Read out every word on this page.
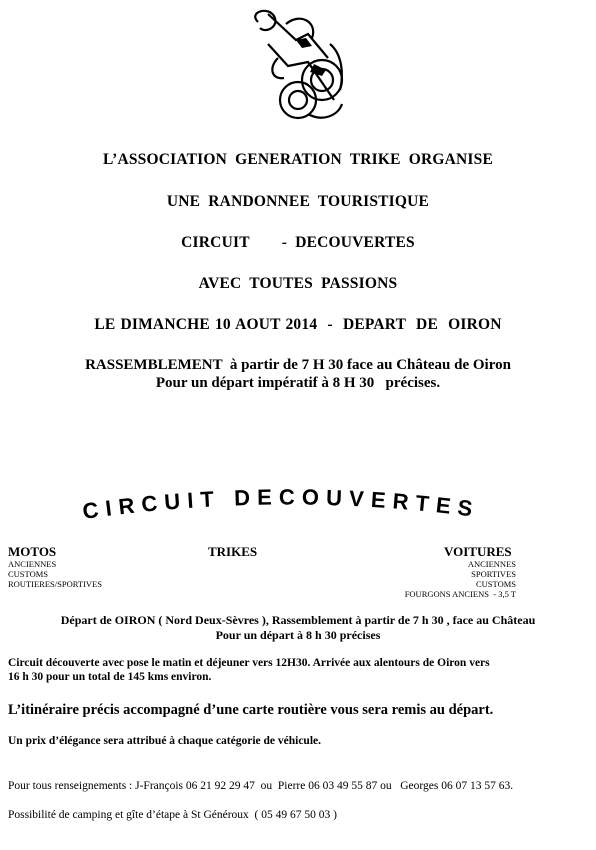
L’ASSOCIATION GENERATION TRIKE ORGANISE
UNE RANDONNEE TOURISTIQUE
CIRCUIT    - DECOUVERTES
AVEC TOUTES PASSIONS
LE DIMANCHE 10 AOUT 2014  -  DEPART  DE  OIRON
RASSEMBLEMENT  à partir de 7 H 30 face au Château de Oiron
Pour un départ impératif à 8 H 30   précises.
CIRCUIT DECOUVERTES
MOTOS
ANCIENNES
CUSTOMS
ROUTIERES/SPORTIVES
TRIKES	VOITURES
ANCIENNES
SPORTIVES
CUSTOMS
FOURGONS ANCIENS  - 3,5 T
Départ de OIRON ( Nord Deux-Sèvres ), Rassemblement à partir de 7 h 30 , face au Château
Pour un départ à 8 h 30 précises
Circuit découverte avec pose le matin et déjeuner vers 12H30. Arrivée aux alentours de Oiron vers
16 h 30 pour un total de 145 kms environ.
L’itinéraire précis accompagné d’une carte routière vous sera remis au départ.
Un prix d’élégance sera attribué à chaque catégorie de véhicule.
Pour tous renseignements : J-François 06 21 92 29 47  ou  Pierre 06 03 49 55 87 ou   Georges 06 07 13 57 63.
Possibilité de camping et gîte d’étape à St Généroux  ( 05 49 67 50 03 )
